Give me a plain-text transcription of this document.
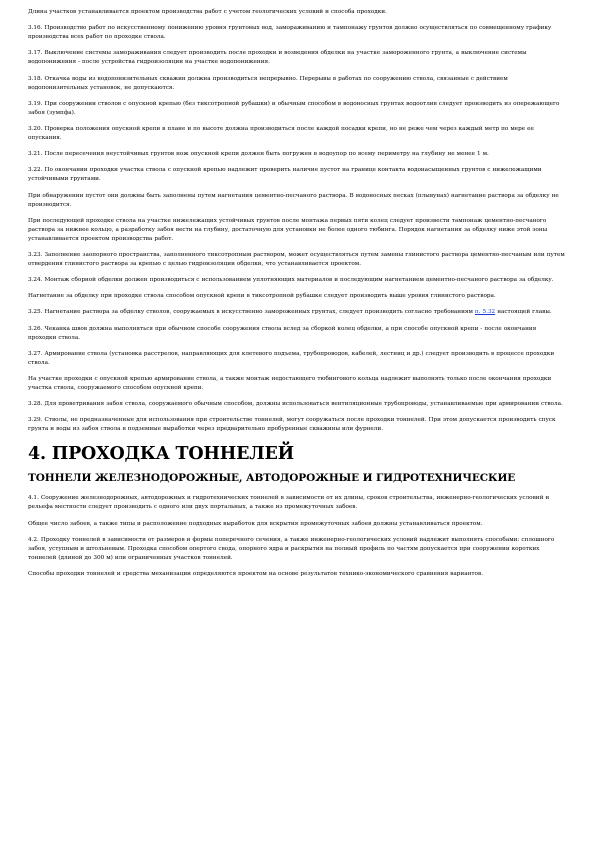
Длина участков устанавливается проектом производства работ с учетом геологических условий и способа проходки.

3.16. Производство работ по искусственному понижению уровня грунтовых вод, замораживанию и тампонажу грунтов должно осуществляться по совмещенному графику производства всех работ по проходке ствола.

3.17. Выключение системы замораживания следует производить после проходки и возведения обделки на участке замороженного грунта, а выключение системы водопонижения - после устройства гидроизоляции на участке водопонижения.

3.18. Откачка воды из водопонизительных скважин должна производиться непрерывно. Перерывы в работах по сооружению ствола, связанные с действием водопонизительных установок, не допускаются.

3.19. При сооружении стволов с опускной крепью (без тиксотропной рубашки) и обычным способом в водоносных грунтах водоотлив следует производить из опережающего забоя (зумпфа).

3.20. Проверка положения опускной крепи в плане и по высоте должна производиться после каждой посадки крепи, но не реже чем через каждый метр по мере ее опускания.

3.21. После пересечения неустойчивых грунтов нож опускной крепи должен быть погружен в водоупор по всему периметру на глубину не менее 1 м.

3.22. По окончании проходки участка ствола с опускной крепью надлежит проверить наличие пустот на границе контакта водонасыщенных грунтов с нижележащими устойчивыми грунтами.

При обнаружении пустот они должны быть заполнены путем нагнетания цементно-песчаного раствора. В водоносных песках (плывунах) нагнетание раствора за обделку не производится.

При последующей проходке ствола на участке нижележащих устойчивых грунтов после монтажа первых пяти колец следует произвести тампонаж цементно-песчаного раствора за нижнее кольцо, а разработку забоя вести на глубину, достаточную для установки не более одного тюбинга. Порядок нагнетания за обделку ниже этой зоны устанавливается проектом производства работ.

3.23. Заполнение заопорного пространства, заполненного тиксотропным раствором, может осуществляться путем замены глинистого раствора цементно-песчаным или путем отвердения глинистого раствора за крепью с целью гидроизоляции обделки, что устанавливается проектом.

3.24. Монтаж сборной обделки должен производиться с использованием уплотняющих материалов и последующим нагнетанием цементно-песчаного раствора за обделку.

Нагнетание за обделку при проходке ствола способом опускной крепи в тиксотропной рубашке следует производить выше уровня глинистого раствора.

3.25. Нагнетание раствора за обделку стволов, сооружаемых в искусственно замороженных грунтах, следует производить согласно требованиям п. 5.32 настоящей главы.

3.26. Чеканка швов должна выполняться при обычном способе сооружения ствола вслед за сборкой колец обделки, а при способе опускной крепи - после окончания проходки ствола.

3.27. Армирование ствола (установка расстрелов, направляющих для клетевого подъема, трубопроводов, кабелей, лестниц и др.) следует производить в процессе проходки ствола.

На участке проходки с опускной крепью армирование ствола, а также монтаж недостающего тюбингового кольца надлежит выполнять только после окончания проходки участка ствола, сооружаемого способом опускной крепи.

3.28. Для проветривания забоя ствола, сооружаемого обычным способом, должны использоваться вентиляционные трубопроводы, устанавливаемые при армировании ствола.

3.29. Стволы, не предназначенные для использования при строительстве тоннелей, могут сооружаться после проходки тоннелей. При этом допускается производить спуск грунта и воды из забоя ствола в подземные выработки через предварительно пробуренные скважины или фурнели.

4. ПРОХОДКА ТОННЕЛЕЙ
ТОННЕЛИ ЖЕЛЕЗНОДОРОЖНЫЕ, АВТОДОРОЖНЫЕ И ГИДРОТЕХНИЧЕСКИЕ

4.1. Сооружение железнодорожных, автодорожных и гидротехнических тоннелей в зависимости от их длины, сроков строительства, инженерно-геологических условий и рельефа местности следует производить с одного или двух портальных, а также из промежуточных забоев.

Общее число забоев, а также типы и расположение подходных выработок для вскрытия промежуточных забоев должны устанавливаться проектом.

4.2. Проходку тоннелей в зависимости от размеров и формы поперечного сечения, а также инженерно-геологических условий надлежит выполнять способами: сплошного забоя, уступным и штольневым. Проходка способом опертого свода, опорного ядра и раскрытия на полный профиль по частям допускается при сооружении коротких тоннелей (длиной до 300 м) или ограниченных участков тоннелей.

Способы проходки тоннелей и средства механизации определяются проектом на основе результатов технико-экономического сравнения вариантов.
